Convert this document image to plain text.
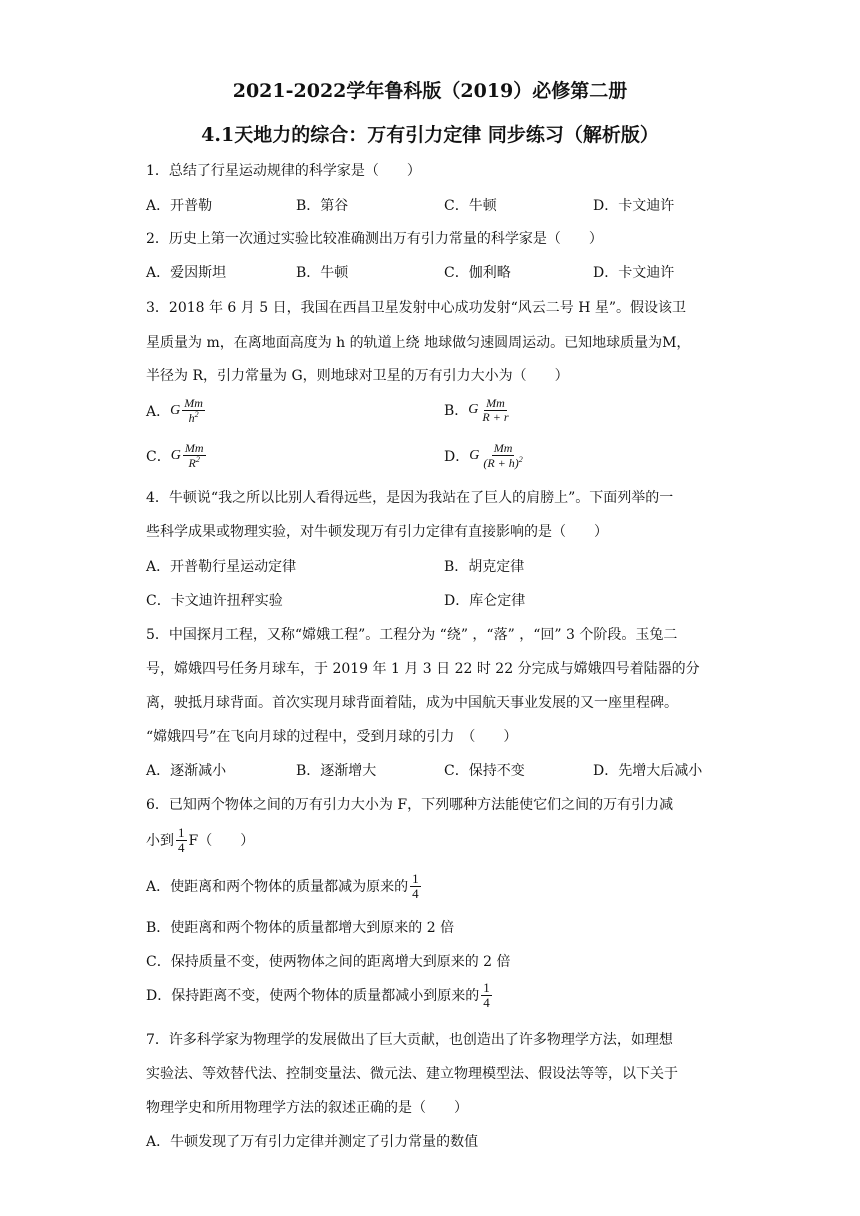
2021-2022学年鲁科版（2019）必修第二册
4.1天地力的综合：万有引力定律 同步练习（解析版）
1．总结了行星运动规律的科学家是（　　）
A．开普勒	B．第谷	C．牛顿	D．卡文迪许
2．历史上第一次通过实验比较准确测出万有引力常量的科学家是（　　）
A．爱因斯坦	B．牛顿	C．伽利略	D．卡文迪许
3．2018 年 6 月 5 日，我国在西昌卫星发射中心成功发射“风云二号 H 星”。假设该卫
星质量为 m，在离地面高度为 h 的轨道上绕 地球做匀速圆周运动。已知地球质量为M，
半径为 R，引力常量为 G，则地球对卫星的万有引力大小为（　　）
A． G $\frac{Mm}{h^2}$	B． G $\frac{Mm}{R + r}$
C． G $\frac{Mm}{R^2}$	D． G $\frac{Mm}{(R + h)^2}$
4．牛顿说“我之所以比别人看得远些，是因为我站在了巨人的肩膀上”。下面列举的一
些科学成果或物理实验，对牛顿发现万有引力定律有直接影响的是（　　）
A．开普勒行星运动定律	B．胡克定律
C．卡文迪许扭秤实验	D．库仑定律
5．中国探月工程，又称“嫦娥工程”。工程分为 “绕” ，“落” ，“回” 3 个阶段。玉兔二
号，嫦娥四号任务月球车，于 2019 年 1 月 3 日 22 时 22 分完成与嫦娥四号着陆器的分
离，驶抵月球背面。首次实现月球背面着陆，成为中国航天事业发展的又一座里程碑。
“嫦娥四号”在飞向月球的过程中，受到月球的引力　（　　）
A．逐渐减小	B．逐渐增大	C．保持不变	D．先增大后减小
6．已知两个物体之间的万有引力大小为 F，下列哪种方法能使它们之间的万有引力减
小到 $\frac{1}{4} F$（　　）
A．使距离和两个物体的质量都减为原来的 $\frac{1}{4}$
B．使距离和两个物体的质量都增大到原来的 2 倍
C．保持质量不变，使两物体之间的距离增大到原来的 2 倍
D．保持距离不变，使两个物体的质量都减小到原来的 $\frac{1}{4}$
7．许多科学家为物理学的发展做出了巨大贡献，也创造出了许多物理学方法，如理想
实验法、等效替代法、控制变量法、微元法、建立物理模型法、假设法等等，以下关于
物理学史和所用物理学方法的叙述正确的是（　　）
A．牛顿发现了万有引力定律并测定了引力常量的数值
